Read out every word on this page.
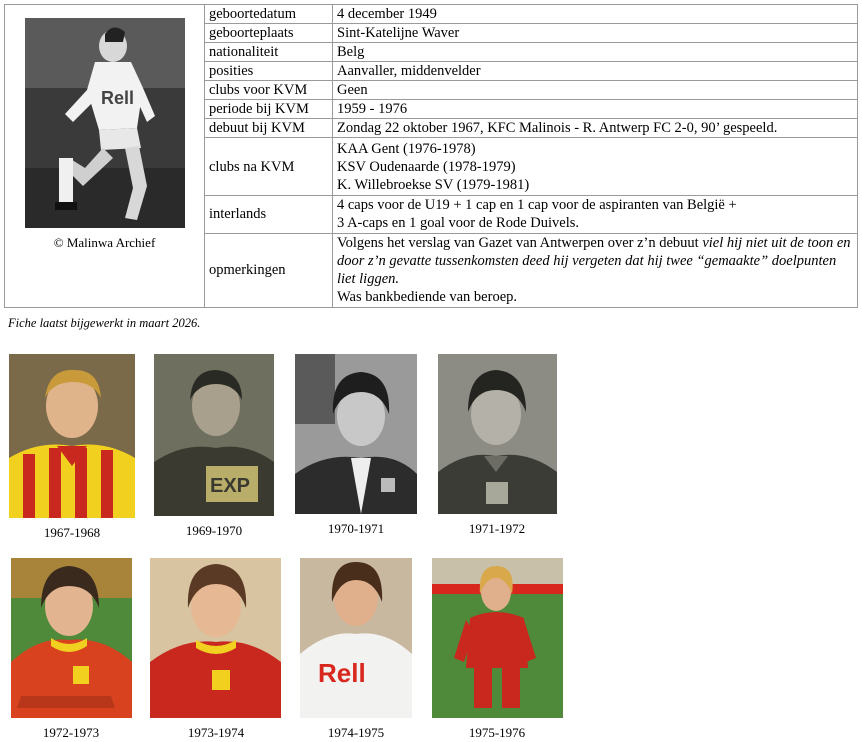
Rell
© Malinwa Archief	geboortedatum	4 december 1949
	geboorteplaats	Sint-Katelijne Waver
	nationaliteit	Belg
	posities	Aanvaller, middenvelder
	clubs voor KVM	Geen
	periode bij KVM	1959 - 1976
	debuut bij KVM	Zondag 22 oktober 1967, KFC Malinois - R. Antwerp FC 2-0, 90’ gespeeld.
	clubs na KVM	KAA Gent (1976-1978)
KSV Oudenaarde (1978-1979)
K. Willebroekse SV (1979-1981)

	interlands	4 caps voor de U19 + 1 cap en 1 cap voor de aspiranten van België +
3 A-caps en 1 goal voor de Rode Duivels.

	opmerkingen	Volgens het verslag van Gazet van Antwerpen over z’n debuut viel hij niet uit de toon en door z’n gevatte tussenkomsten deed hij vergeten dat hij twee “gemaakte” doelpunten liet liggen.
Was bankbediende van beroep.
Fiche laatst bijgewerkt in maart 2026.
1967-1968
EXP
1969-1970	1970-1971	1971-1972
1972-1973	1973-1974
Rell
1974-1975	1975-1976
